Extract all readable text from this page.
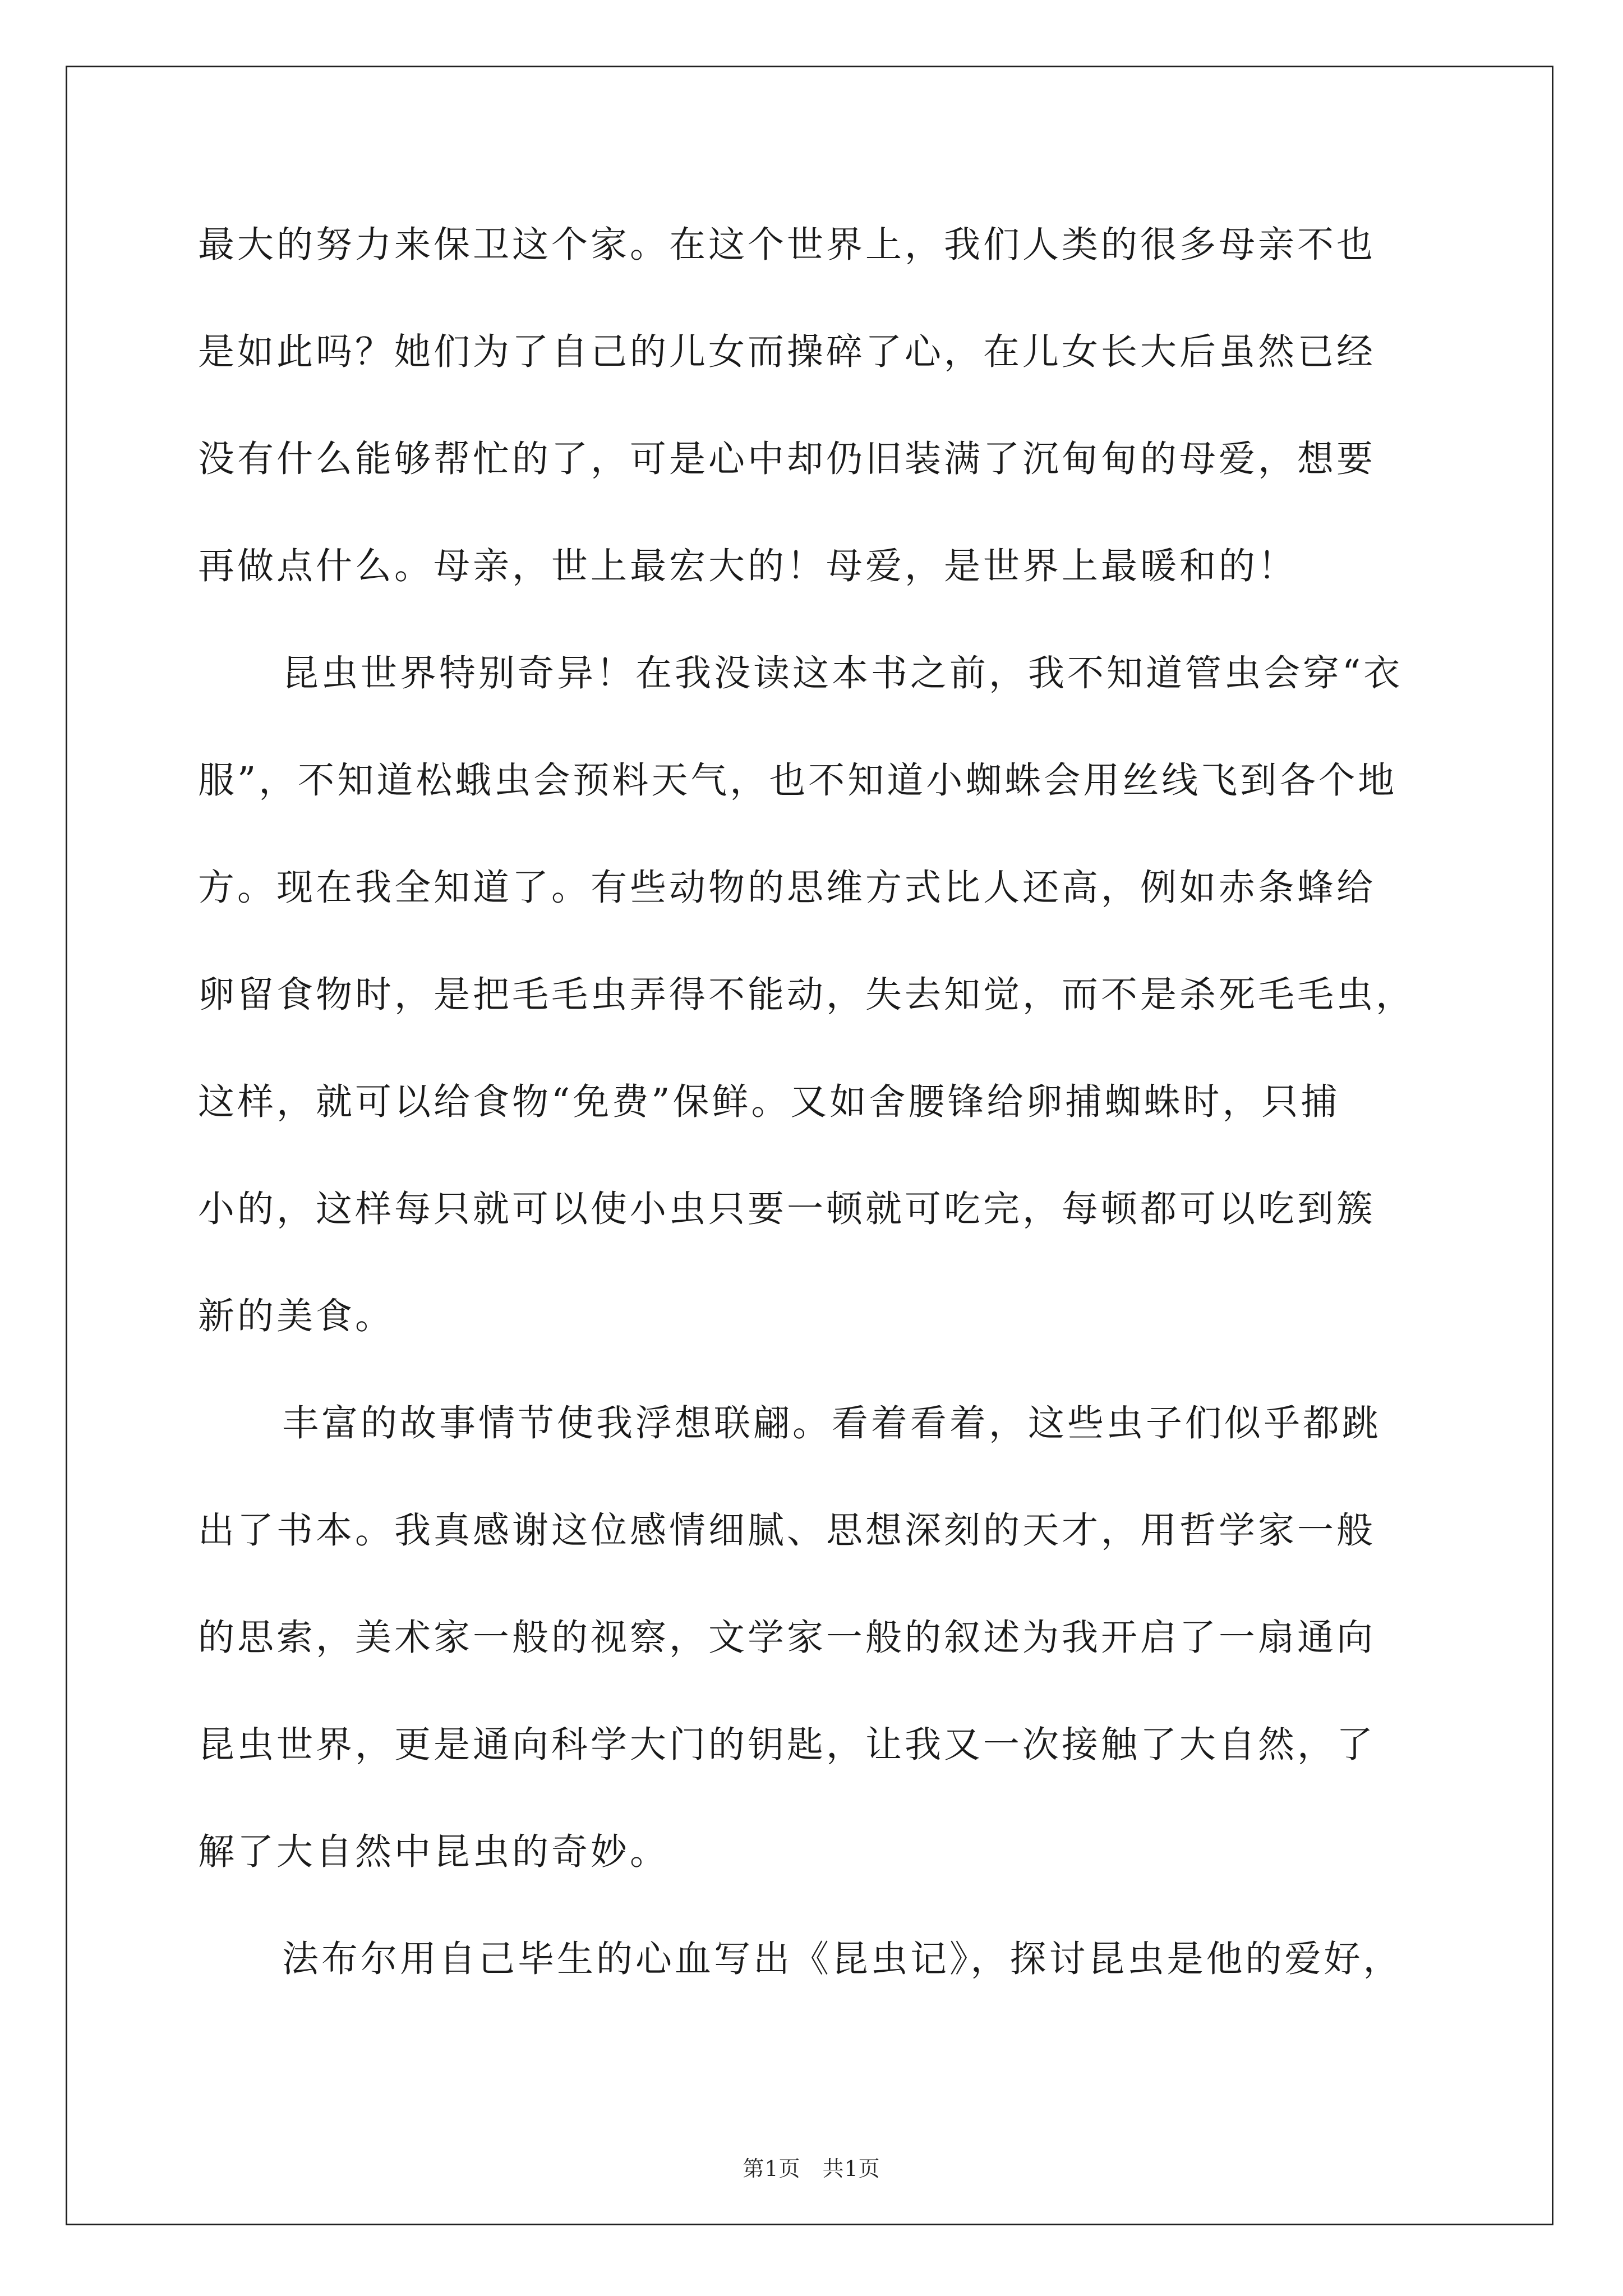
最大的努力来保卫这个家。在这个世界上，我们人类的很多母亲不也
是如此吗？她们为了自己的儿女而操碎了心，在儿女长大后虽然已经
没有什么能够帮忙的了，可是心中却仍旧装满了沉甸甸的母爱，想要
再做点什么。母亲，世上最宏大的！母爱，是世界上最暖和的！
昆虫世界特别奇异！在我没读这本书之前，我不知道管虫会穿“衣
服”，不知道松蛾虫会预料天气，也不知道小蜘蛛会用丝线飞到各个地
方。现在我全知道了。有些动物的思维方式比人还高，例如赤条蜂给
卵留食物时，是把毛毛虫弄得不能动，失去知觉，而不是杀死毛毛虫，
这样，就可以给食物“免费”保鲜。又如舍腰锋给卵捕蜘蛛时，只捕
小的，这样每只就可以使小虫只要一顿就可吃完，每顿都可以吃到簇
新的美食。
丰富的故事情节使我浮想联翩。看着看着，这些虫子们似乎都跳
出了书本。我真感谢这位感情细腻、思想深刻的天才，用哲学家一般
的思索，美术家一般的视察，文学家一般的叙述为我开启了一扇通向
昆虫世界，更是通向科学大门的钥匙，让我又一次接触了大自然，了
解了大自然中昆虫的奇妙。
法布尔用自己毕生的心血写出《昆虫记》，探讨昆虫是他的爱好，
第1页　共1页
